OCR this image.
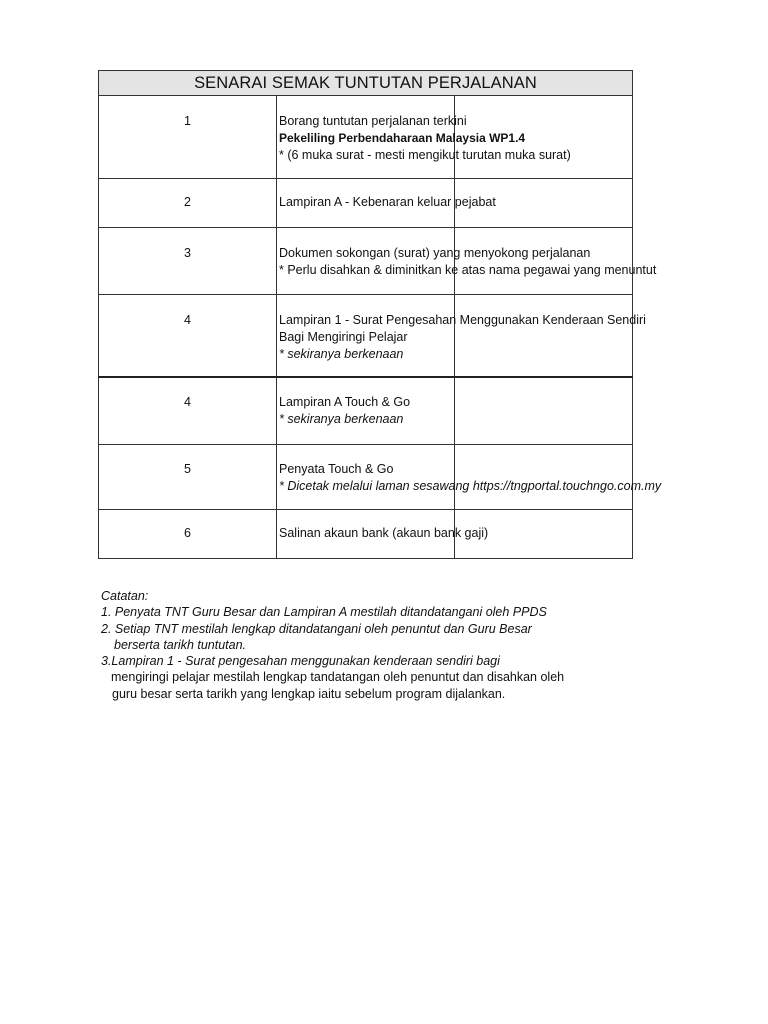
SENARAI SEMAK TUNTUTAN PERJALANAN		

1	Borang tuntutan perjalanan terkini
Pekeliling Perbendaharaan Malaysia WP1.4
* (6 muka surat - mesti mengikut turutan muka surat)	

2	Lampiran A - Kebenaran keluar pejabat	

3	Dokumen sokongan (surat) yang menyokong perjalanan
* Perlu disahkan & diminitkan ke atas nama pegawai yang menuntut	

4	Lampiran 1 - Surat Pengesahan Menggunakan Kenderaan Sendiri
Bagi Mengiringi Pelajar
* sekiranya berkenaan	

4	Lampiran A Touch & Go
* sekiranya berkenaan	

5	Penyata Touch & Go
* Dicetak melalui laman sesawang https://tngportal.touchngo.com.my	

6	Salinan akaun bank (akaun bank gaji)	

Catatan:
1. Penyata TNT Guru Besar dan Lampiran A mestilah ditandatangani oleh PPDS
2. Setiap TNT mestilah lengkap ditandatangani oleh penuntut dan Guru Besar
berserta tarikh tuntutan.
3.Lampiran 1 - Surat pengesahan menggunakan kenderaan sendiri bagi
mengiringi pelajar mestilah lengkap tandatangan oleh penuntut dan disahkan oleh
guru besar serta tarikh yang lengkap iaitu sebelum program dijalankan.
